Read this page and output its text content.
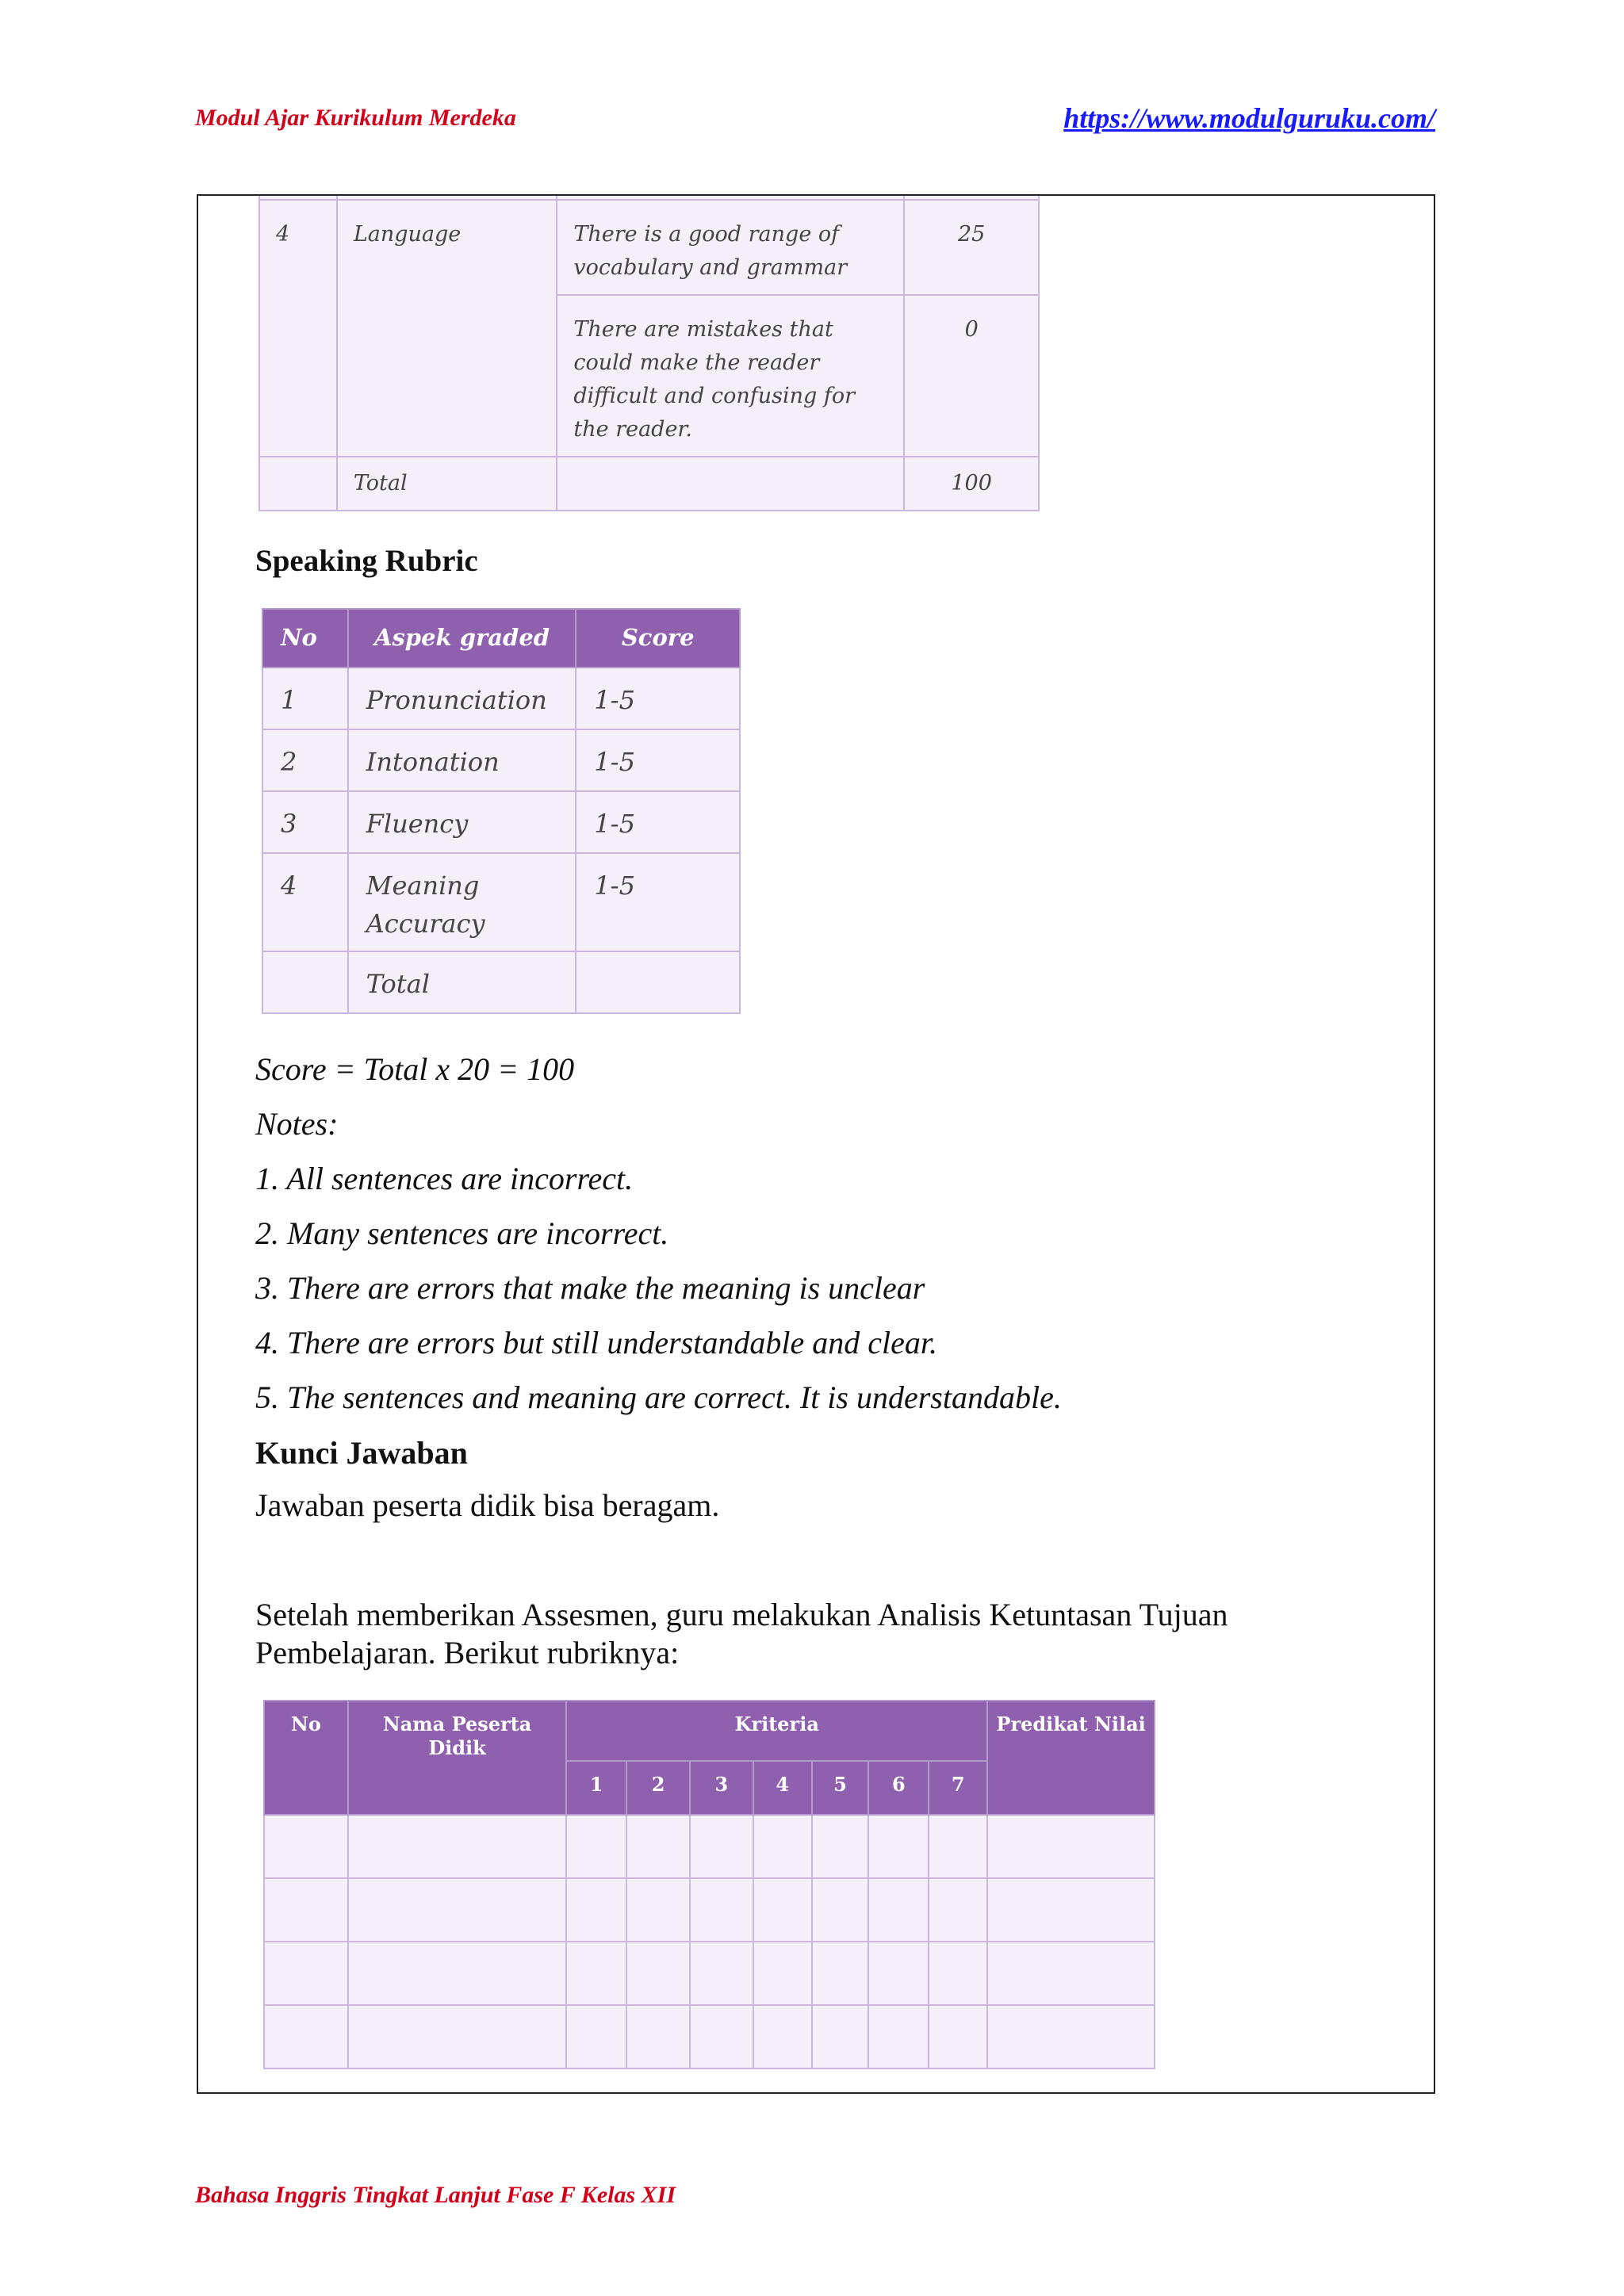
Modul Ajar Kurikulum Merdeka	https://www.modulguruku.com/

4	Language	There is a good range of vocabulary and grammar	25
		There are mistakes that could make the reader difficult and confusing for the reader.	0
	Total		100
Speaking Rubric
No	Aspek graded	Score
1	Pronunciation	1-5
2	Intonation	1-5
3	Fluency	1-5
4	Meaning Accuracy	1-5
	Total	
Score = Total x 20 = 100
Notes:
1. All sentences are incorrect.
2. Many sentences are incorrect.
3. There are errors that make the meaning is unclear
4. There are errors but still understandable and clear.
5. The sentences and meaning are correct. It is understandable.
Kunci Jawaban
Jawaban peserta didik bisa beragam.
Setelah memberikan Assesmen, guru melakukan Analisis Ketuntasan Tujuan Pembelajaran. Berikut rubriknya:
No	Nama Peserta Didik	Kriteria							Predikat Nilai
		1	2	3	4	5	6	7	

Bahasa Inggris Tingkat Lanjut Fase F Kelas XII
